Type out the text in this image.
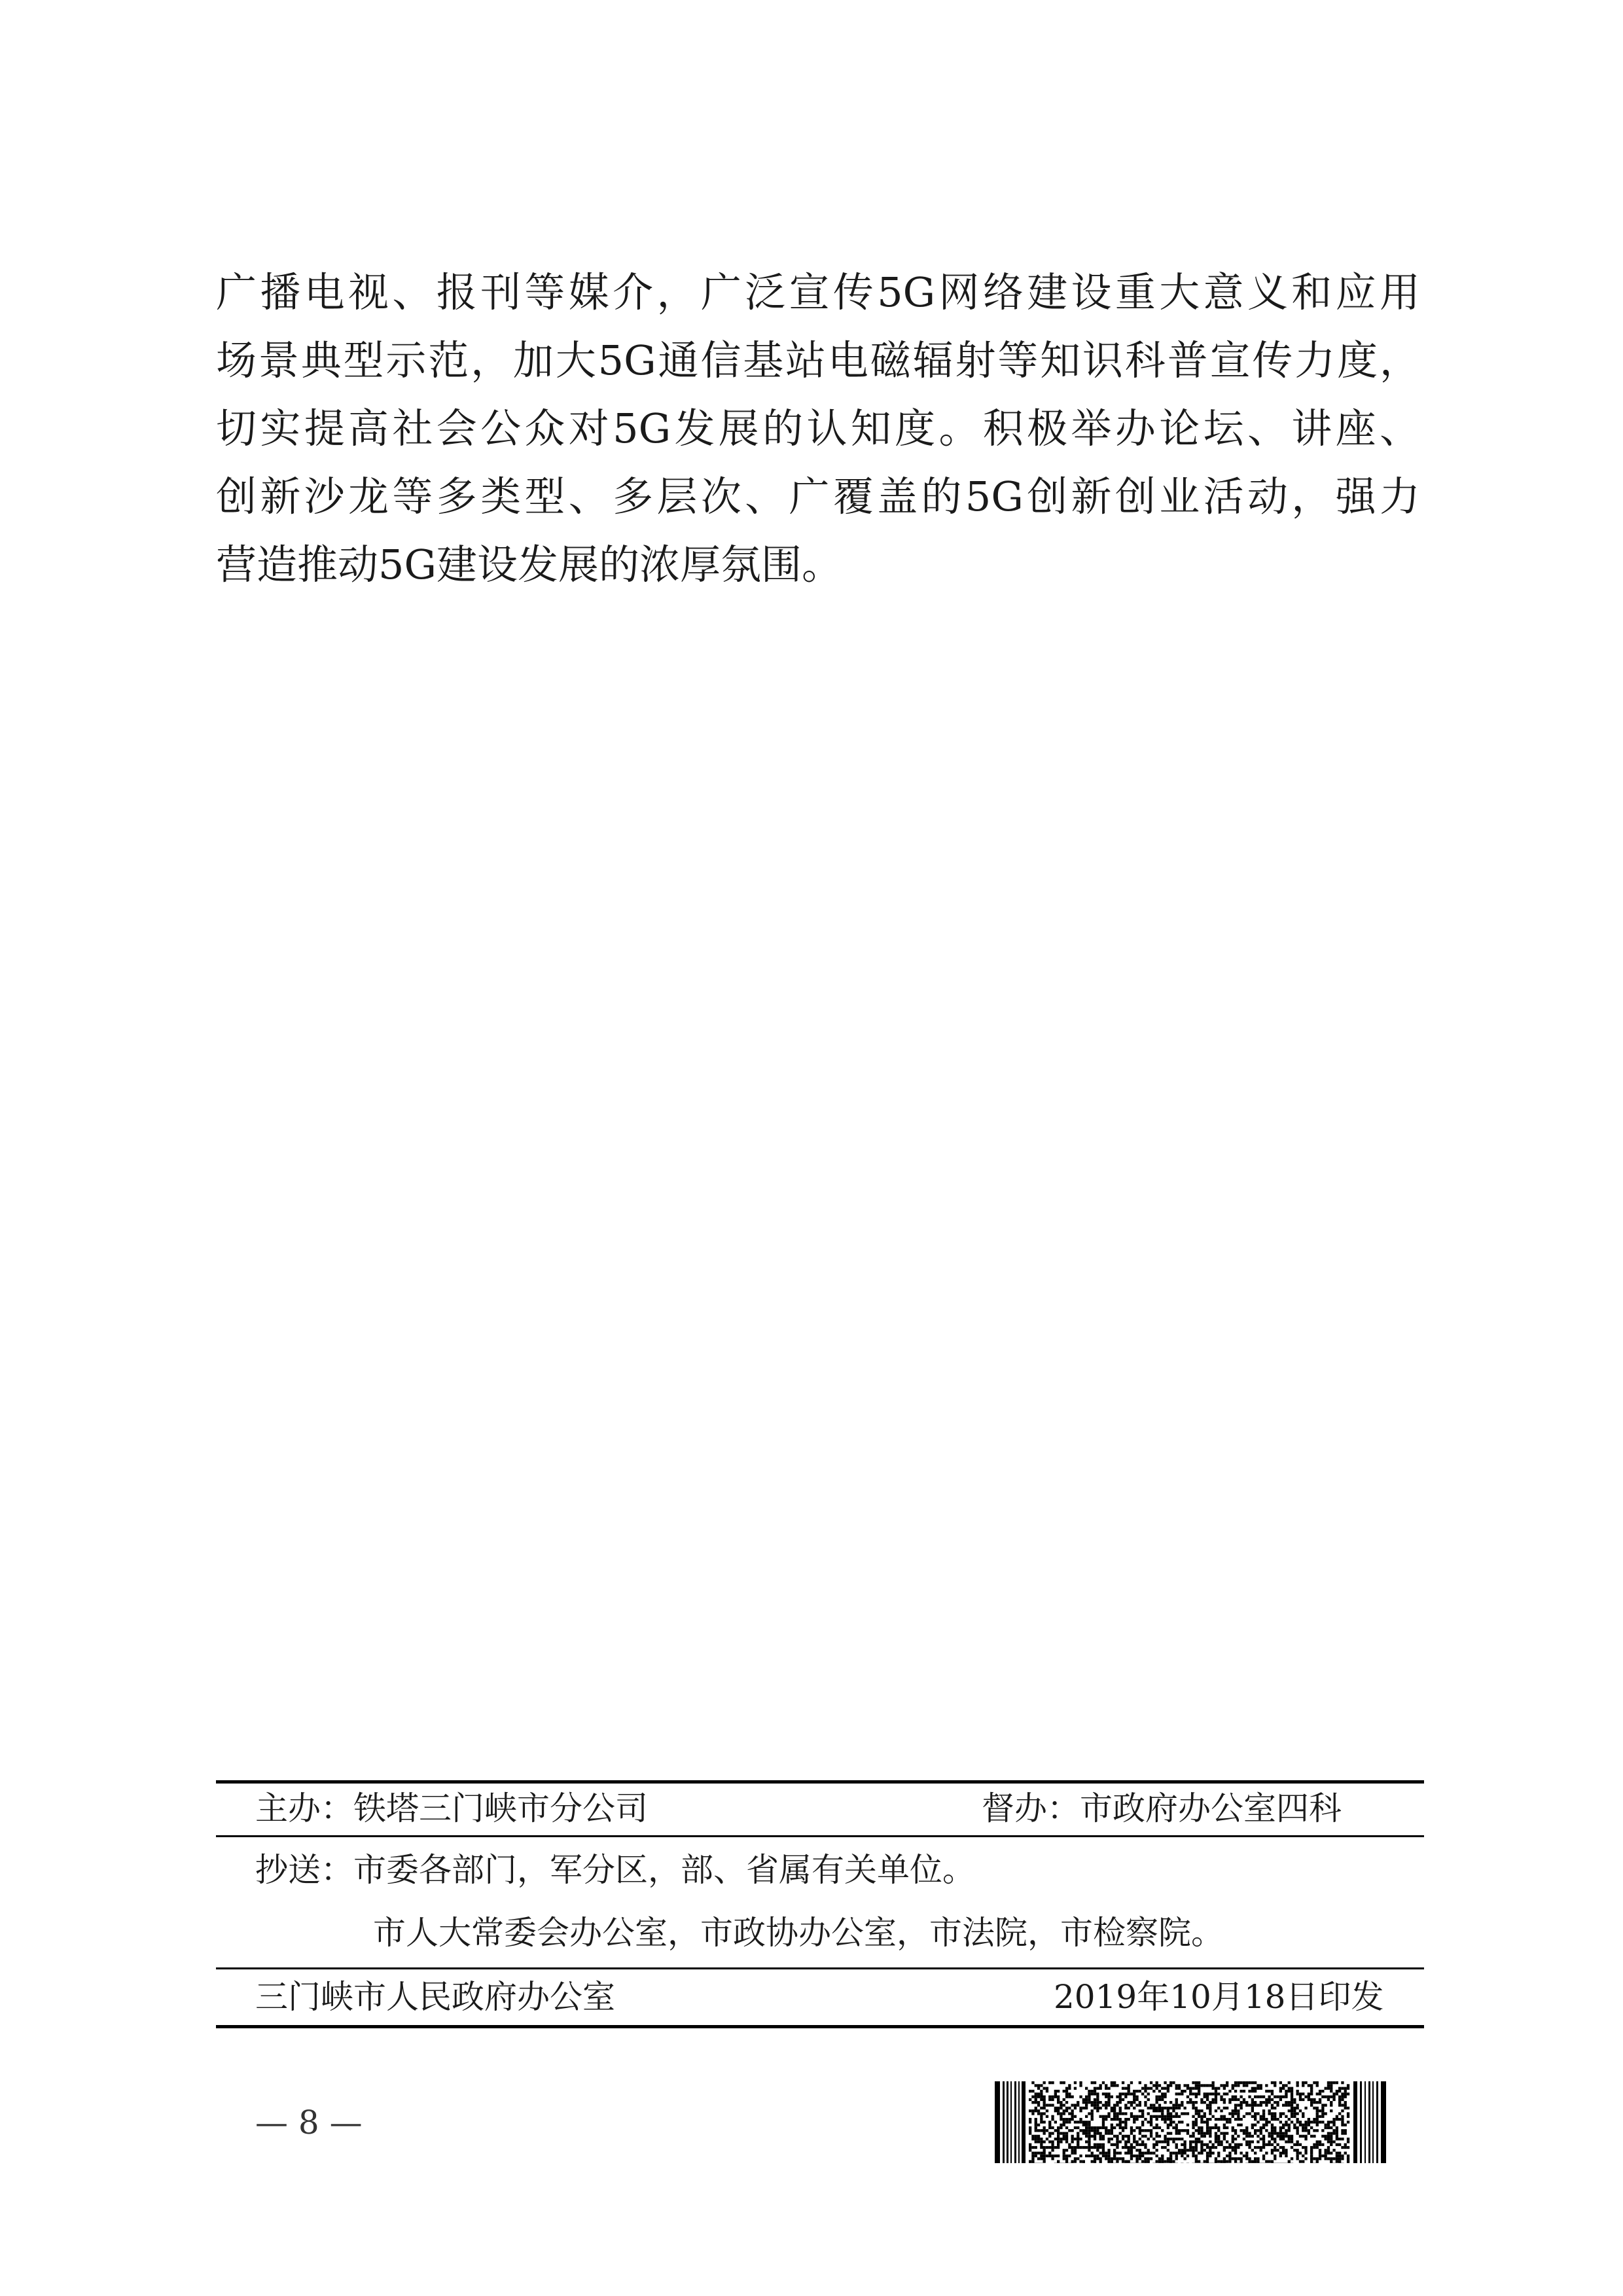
广播电视、报刊等媒介，广泛宣传5G网络建设重大意义和应用
场景典型示范，加大5G通信基站电磁辐射等知识科普宣传力度，
切实提高社会公众对5G发展的认知度。积极举办论坛、讲座、
创新沙龙等多类型、多层次、广覆盖的5G创新创业活动，强力
营造推动5G建设发展的浓厚氛围。
主办：铁塔三门峡市分公司	督办：市政府办公室四科
抄送：市委各部门，军分区，部、省属有关单位。
市人大常委会办公室，市政协办公室，市法院，市检察院。
三门峡市人民政府办公室	2019年10月18日印发
— 8 —
